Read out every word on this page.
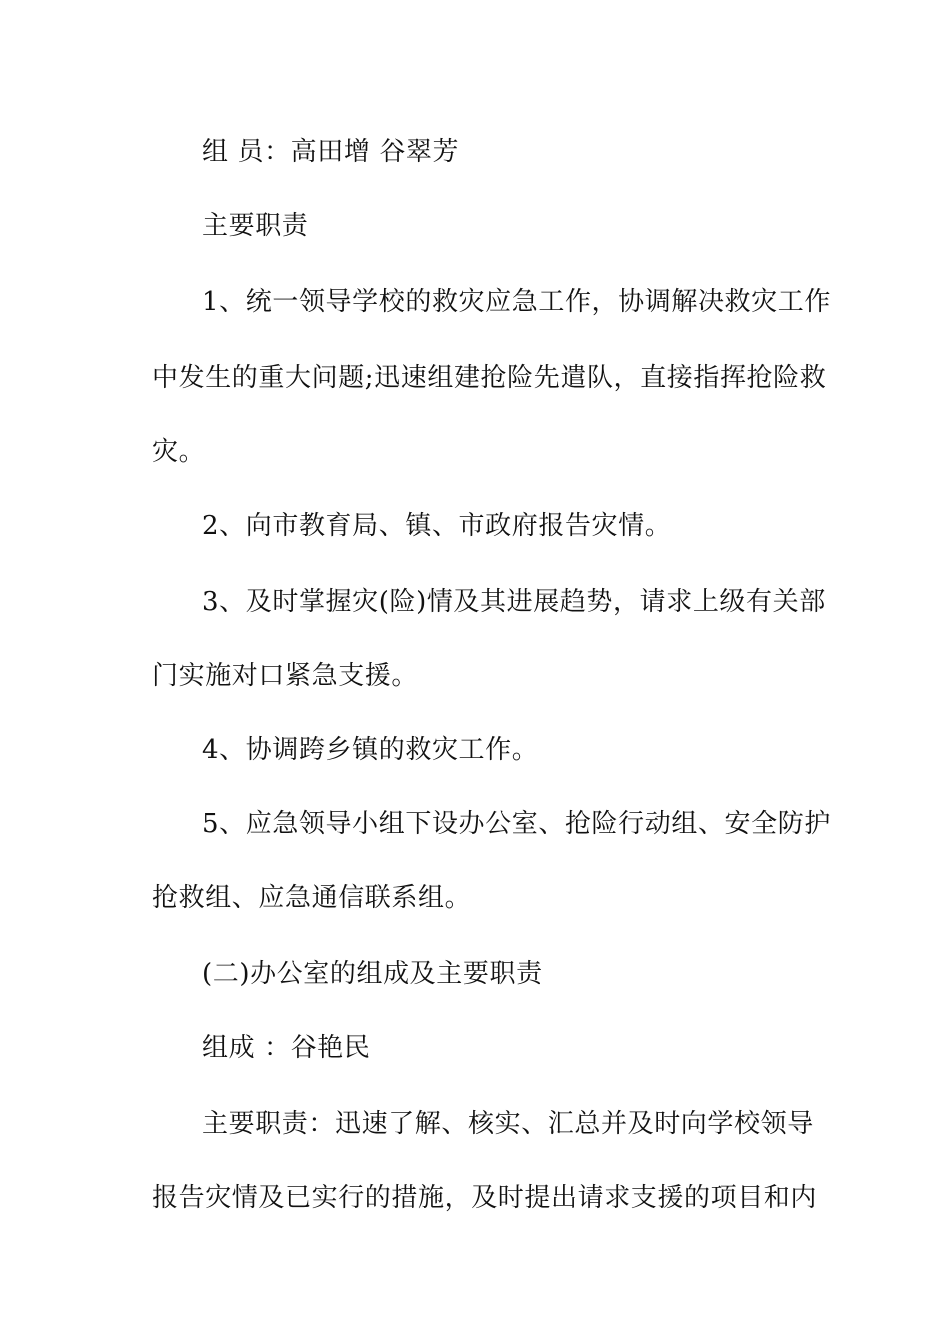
组 员：高田增 谷翠芳
主要职责
1、统一领导学校的救灾应急工作，协调解决救灾工作
中发生的重大问题;迅速组建抢险先遣队，直接指挥抢险救
灾。
2、向市教育局、镇、市政府报告灾情。
3、及时掌握灾(险)情及其进展趋势，请求上级有关部
门实施对口紧急支援。
4、协调跨乡镇的救灾工作。
5、应急领导小组下设办公室、抢险行动组、安全防护
抢救组、应急通信联系组。
(二)办公室的组成及主要职责
组成 ：谷艳民
主要职责：迅速了解、核实、汇总并及时向学校领导
报告灾情及已实行的措施，及时提出请求支援的项目和内
